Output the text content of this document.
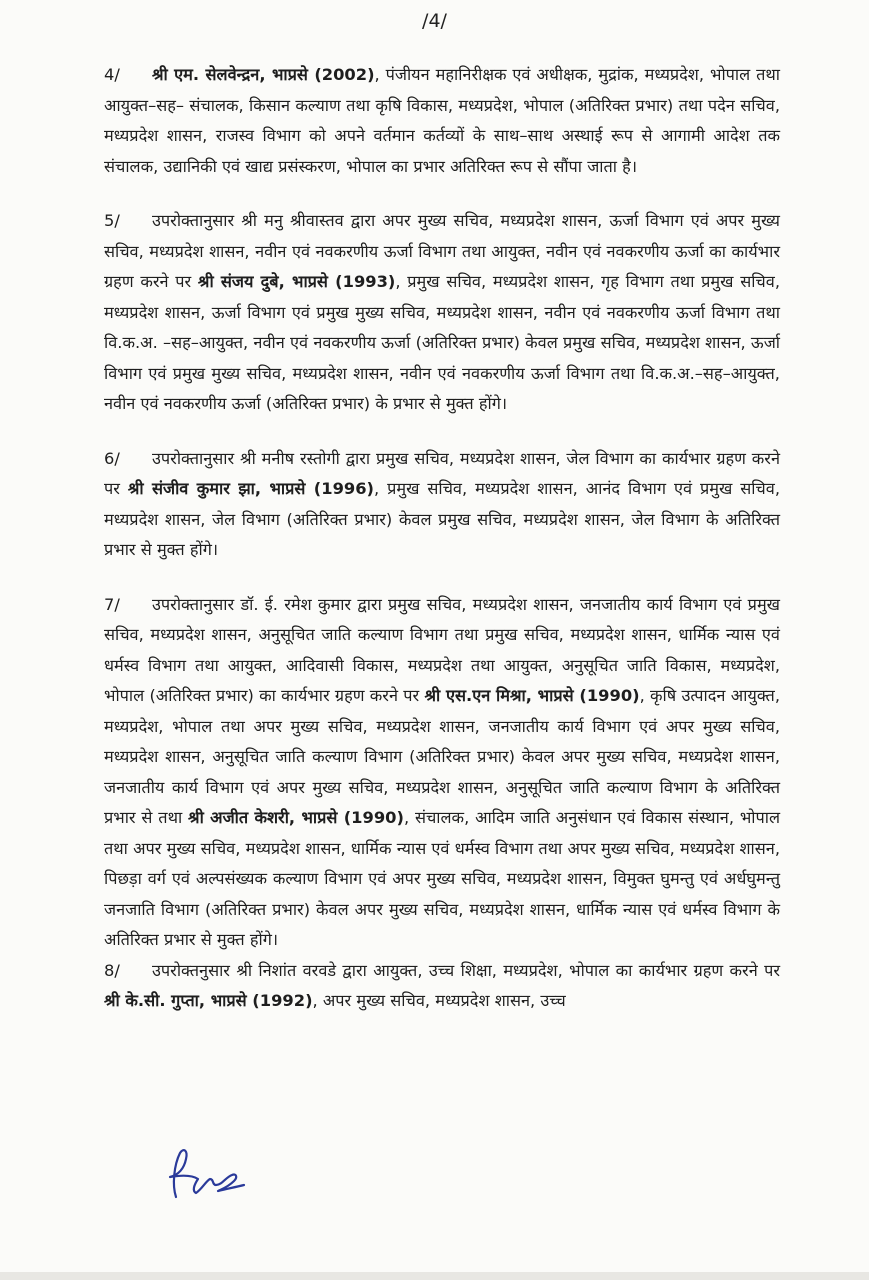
/4/

4/ श्री एम. सेलवेन्द्रन, भाप्रसे (2002), पंजीयन महानिरीक्षक एवं अधीक्षक, मुद्रांक, मध्यप्रदेश, भोपाल तथा आयुक्त–सह– संचालक, किसान कल्याण तथा कृषि विकास, मध्यप्रदेश, भोपाल (अतिरिक्त प्रभार) तथा पदेन सचिव, मध्यप्रदेश शासन, राजस्व विभाग को अपने वर्तमान कर्तव्यों के साथ–साथ अस्थाई रूप से आगामी आदेश तक संचालक, उद्यानिकी एवं खाद्य प्रसंस्करण, भोपाल का प्रभार अतिरिक्त रूप से सौंपा जाता है।

5/ उपरोक्तानुसार श्री मनु श्रीवास्तव द्वारा अपर मुख्य सचिव, मध्यप्रदेश शासन, ऊर्जा विभाग एवं अपर मुख्य सचिव, मध्यप्रदेश शासन, नवीन एवं नवकरणीय ऊर्जा विभाग तथा आयुक्त, नवीन एवं नवकरणीय ऊर्जा का कार्यभार ग्रहण करने पर श्री संजय दुबे, भाप्रसे (1993), प्रमुख सचिव, मध्यप्रदेश शासन, गृह विभाग तथा प्रमुख सचिव, मध्यप्रदेश शासन, ऊर्जा विभाग एवं प्रमुख मुख्य सचिव, मध्यप्रदेश शासन, नवीन एवं नवकरणीय ऊर्जा विभाग तथा वि.क.अ. –सह–आयुक्त, नवीन एवं नवकरणीय ऊर्जा (अतिरिक्त प्रभार) केवल प्रमुख सचिव, मध्यप्रदेश शासन, ऊर्जा विभाग एवं प्रमुख मुख्य सचिव, मध्यप्रदेश शासन, नवीन एवं नवकरणीय ऊर्जा विभाग तथा वि.क.अ.–सह–आयुक्त, नवीन एवं नवकरणीय ऊर्जा (अतिरिक्त प्रभार) के प्रभार से मुक्त होंगे।

6/ उपरोक्तानुसार श्री मनीष रस्तोगी द्वारा प्रमुख सचिव, मध्यप्रदेश शासन, जेल विभाग का कार्यभार ग्रहण करने पर श्री संजीव कुमार झा, भाप्रसे (1996), प्रमुख सचिव, मध्यप्रदेश शासन, आनंद विभाग एवं प्रमुख सचिव, मध्यप्रदेश शासन, जेल विभाग (अतिरिक्त प्रभार) केवल प्रमुख सचिव, मध्यप्रदेश शासन, जेल विभाग के अतिरिक्त प्रभार से मुक्त होंगे।

7/ उपरोक्तानुसार डॉ. ई. रमेश कुमार द्वारा प्रमुख सचिव, मध्यप्रदेश शासन, जनजातीय कार्य विभाग एवं प्रमुख सचिव, मध्यप्रदेश शासन, अनुसूचित जाति कल्याण विभाग तथा प्रमुख सचिव, मध्यप्रदेश शासन, धार्मिक न्यास एवं धर्मस्व विभाग तथा आयुक्त, आदिवासी विकास, मध्यप्रदेश तथा आयुक्त, अनुसूचित जाति विकास, मध्यप्रदेश, भोपाल (अतिरिक्त प्रभार) का कार्यभार ग्रहण करने पर श्री एस.एन मिश्रा, भाप्रसे (1990), कृषि उत्पादन आयुक्त, मध्यप्रदेश, भोपाल तथा अपर मुख्य सचिव, मध्यप्रदेश शासन, जनजातीय कार्य विभाग एवं अपर मुख्य सचिव, मध्यप्रदेश शासन, अनुसूचित जाति कल्याण विभाग (अतिरिक्त प्रभार) केवल अपर मुख्य सचिव, मध्यप्रदेश शासन, जनजातीय कार्य विभाग एवं अपर मुख्य सचिव, मध्यप्रदेश शासन, अनुसूचित जाति कल्याण विभाग के अतिरिक्त प्रभार से तथा श्री अजीत केशरी, भाप्रसे (1990), संचालक, आदिम जाति अनुसंधान एवं विकास संस्थान, भोपाल तथा अपर मुख्य सचिव, मध्यप्रदेश शासन, धार्मिक न्यास एवं धर्मस्व विभाग तथा अपर मुख्य सचिव, मध्यप्रदेश शासन, पिछड़ा वर्ग एवं अल्पसंख्यक कल्याण विभाग एवं अपर मुख्य सचिव, मध्यप्रदेश शासन, विमुक्त घुमन्तु एवं अर्धघुमन्तु जनजाति विभाग (अतिरिक्त प्रभार) केवल अपर मुख्य सचिव, मध्यप्रदेश शासन, धार्मिक न्यास एवं धर्मस्व विभाग के अतिरिक्त प्रभार से मुक्त होंगे।

8/ उपरोक्तनुसार श्री निशांत वरवडे द्वारा आयुक्त, उच्च शिक्षा, मध्यप्रदेश, भोपाल का कार्यभार ग्रहण करने पर श्री के.सी. गुप्ता, भाप्रसे (1992), अपर मुख्य सचिव, मध्यप्रदेश शासन, उच्च
